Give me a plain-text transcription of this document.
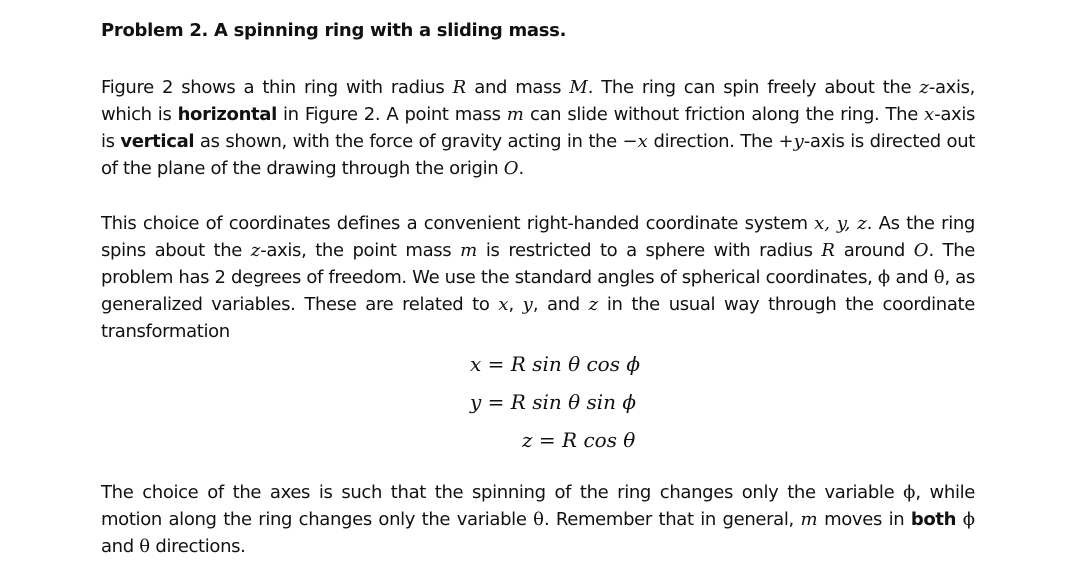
Problem 2. A spinning ring with a sliding mass.
Figure 2 shows a thin ring with radius R and mass M. The ring can spin freely about the z-axis, which is horizontal in Figure 2. A point mass m can slide without friction along the ring. The x-axis is vertical as shown, with the force of gravity acting in the −x direction. The +y-axis is directed out of the plane of the drawing through the origin O.
This choice of coordinates defines a convenient right-handed coordinate system x, y, z. As the ring spins about the z-axis, the point mass m is restricted to a sphere with radius R around O. The problem has 2 degrees of freedom. We use the standard angles of spherical coordinates, ϕ and θ, as generalized variables. These are related to x, y, and z in the usual way through the coordinate transformation
x = R sin θ cos ϕ
y = R sin θ sin ϕ
z = R cos θ
The choice of the axes is such that the spinning of the ring changes only the variable ϕ, while motion along the ring changes only the variable θ. Remember that in general, m moves in both ϕ and θ directions.
